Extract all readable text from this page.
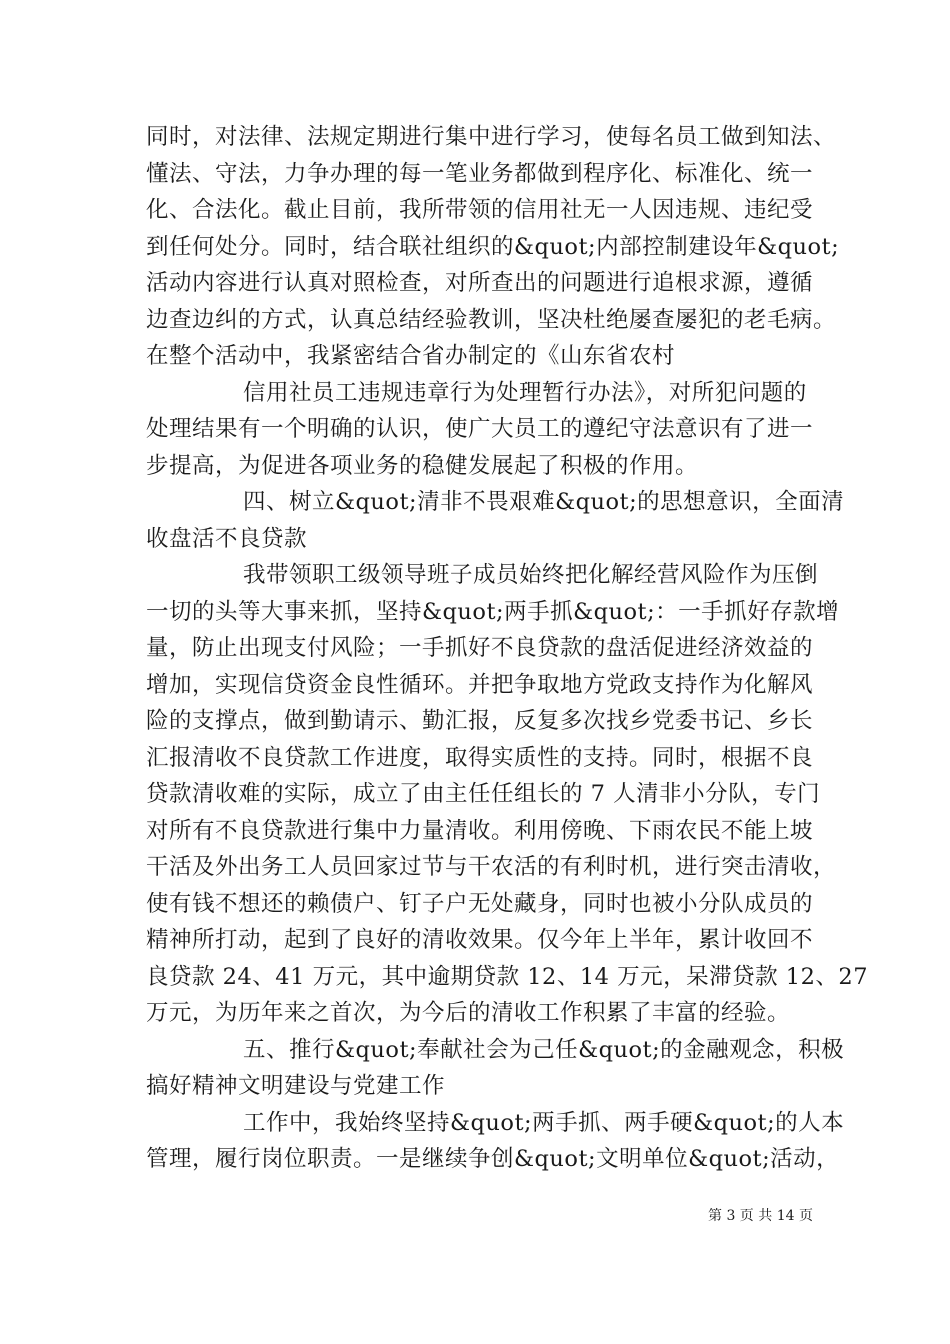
同时，对法律、法规定期进行集中进行学习，使每名员工做到知法、
懂法、守法，力争办理的每一笔业务都做到程序化、标准化、统一
化、合法化。截止目前，我所带领的信用社无一人因违规、违纪受
到任何处分。同时，结合联社组织的&quot;内部控制建设年&quot;
活动内容进行认真对照检查，对所查出的问题进行追根求源，遵循
边查边纠的方式，认真总结经验教训，坚决杜绝屡查屡犯的老毛病。
在整个活动中，我紧密结合省办制定的《山东省农村
信用社员工违规违章行为处理暂行办法》，对所犯问题的
处理结果有一个明确的认识，使广大员工的遵纪守法意识有了进一
步提高，为促进各项业务的稳健发展起了积极的作用。
四、树立&quot;清非不畏艰难&quot;的思想意识，全面清
收盘活不良贷款
我带领职工级领导班子成员始终把化解经营风险作为压倒
一切的头等大事来抓，坚持&quot;两手抓&quot;：一手抓好存款增
量，防止出现支付风险；一手抓好不良贷款的盘活促进经济效益的
增加，实现信贷资金良性循环。并把争取地方党政支持作为化解风
险的支撑点，做到勤请示、勤汇报，反复多次找乡党委书记、乡长
汇报清收不良贷款工作进度，取得实质性的支持。同时，根据不良
贷款清收难的实际，成立了由主任任组长的 7 人清非小分队，专门
对所有不良贷款进行集中力量清收。利用傍晚、下雨农民不能上坡
干活及外出务工人员回家过节与干农活的有利时机，进行突击清收，
使有钱不想还的赖债户、钉子户无处藏身，同时也被小分队成员的
精神所打动，起到了良好的清收效果。仅今年上半年，累计收回不
良贷款 24、41 万元，其中逾期贷款 12、14 万元，呆滞贷款 12、27
万元，为历年来之首次，为今后的清收工作积累了丰富的经验。
五、推行&quot;奉献社会为己任&quot;的金融观念，积极
搞好精神文明建设与党建工作
工作中，我始终坚持&quot;两手抓、两手硬&quot;的人本
管理，履行岗位职责。一是继续争创&quot;文明单位&quot;活动，
第 3 页 共 14 页
